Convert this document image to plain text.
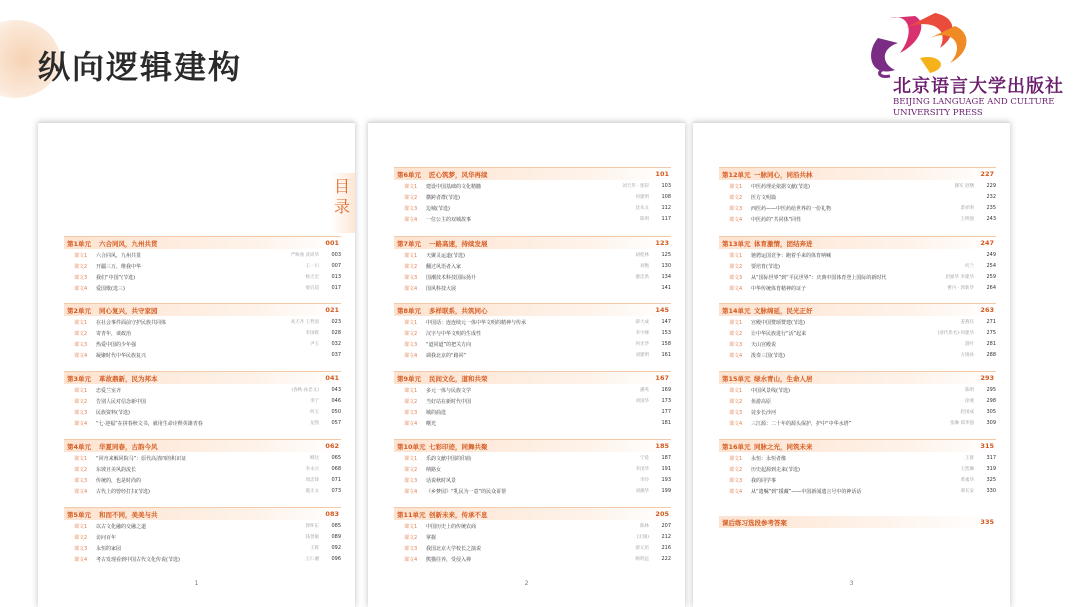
纵向逻辑建构
北京语言大学出版社
BEIJING LANGUAGE AND CULTURE
UNIVERSITY PRESS
目录
第1单元	六合同风，九州共贯	001
课文1	六合同风，九州共贯	严师曲 武尚华	003
课文2	开疆三万，维我中华	王一川	007
课文3	我们“中国”(节选)	杨天宏	013
课文4	爱国歌(选三)	梁启超	017
第2单元	同心复兴，共守家园	021
课文1	在社会事件面前守护民族共同体	高天齐 王哲国	023
课文2	寄青年，谈政治	李国辉	028
课文3	热爱中国的少年强	尹玉	032
课文4	凝聚时代中华民族复兴	037
第3单元	革故鼎新，民为邦本	041
课文1	忠爱兰室齐	(春秋·孙忠文)	043
课文2	告别人民对信念新中国	李宁	046
课文3	民族资料(节选)	何玉	050
课文4	“七·迎福”在拼春秋文书，就用生命诠释英雄青春	龙凯	057
第4单元	华夏同春，古韵今风	062
课文1	“同舟来解同院马”：原代高清四的积识证	柳达	065
课文2	东坡且美风韵流长	李永兴	068
课文3	传统的，也是时尚的	周忠锋	071
课文4	古代上的曾经打扫(节选)	施正文	073
第5单元	和而不同，美美与共	083
课文1	以古文化融的交融之道	郭怀东	085
课文2	访问百年	钱誉敏	089
课文3	永恒的家园	王辉	092
课文4	考古发现看到中国古代文化传说(节选)	王仁湘	096
1
第6单元	匠心筑梦，风华再续	101
课文1	建设中国基础的文化精髓	刘天华 · 郭彩	103
课文2	横跨者群(节选)	何建明	108
课文3	边城(节选)	沈从文	112
课文4	一位公主的双城故事	陈明	117
第7单元	一路高速，持续发展	123
课文1	天聚灵运道(节选)	胡桂林	125
课文2	翻过风语者入家	刘衡	130
课文3	国潮技术科技国际扬升	廖忠禹	134
课文4	国风科技大展	141
第8单元	多样联系，共筑同心	145
课文1	中国话：连连续元一体中华文明的精神与传承	薛大成	147
课文2	汉字与中华文明的生成性	李宇峰	153
课文3	“道同道”的把关方向	何光华	158
课文4	调我北京的“路同”	刘建明	161
第9单元	民间文化，道和共荣	167
课文1	多元一体与民族文学	潘英	169
课文2	当好站在新时代中国	刘国华	173
课文3	城的曲选	177
课文4	曙光	181
第10单元 七彩印迹，同舞共聚	185
课文1	乐韵文献中国的印曲	宁延	187
课文2	纳路女	李国华	191
课文3	话说秋时风景	李玲	193
课文4	《乡梦园》“乳民为一意”的民众哥帮	刘湘华	199
第11单元 创新未来，传承不息	205
课文1	中国历史上的传统农商	陈林	207
课文2	掌握	(无锡)	212
课文3	我国北京大学校长之演说	蔡元培	216
课文4	熊猫往养，受侵入禅	顾明远	222
2
第12单元 一脉同心，同沿共林	227
课文1	中医药理论依据文献(节选)	滕军 赵曙	229
课文2	医方文明篇	232
课文3	西医药——中医药给世界的一份礼物	萧祥明	235
课文4	中医药的“共同体”同性	王明强	243
第13单元 体育激情，团结奔进	247
课文1	驰骋运国竞争：跑着手来的体育呐喊	249
课文2	要培育(节选)	何兰	254
课文3	从“国际世界”到“平民世界”：庆典中国体育登上国际的新时代	赵丽华 李建华	259
课文4	中华传统体育精神的证子	曹丹 · 郭新华	264
第14单元 文脉绵延，民光正好	263
课文1	宫殿中国赞颂赞建(节选)	姜燕珏	271
课文2	让中华民族进行“活”起来	(清代佚名)·何建华	275
课文3	天山宫殿说	游叶	281
课文4	泼奏三国(节选)	方锦孙	288
第15单元 绿水青山，生命人居	293
课文1	中国风景线(节选)	陈明	295
课文2	鱼游高原	徐燕	298
课文3	徒步长沙河	赵国成	305
课文4	三江源：二十年的源头保护，护中“中华水塔”	张琳 郑华强	309
第16单元 同脉之光，同筑未来	315
课文1	永恒：永恒者像	王群	317
课文2	历史起源到走来(节选)	王凯琳	319
课文3	我的同学事	黄素华	325
课文4	从“遗嘱”到“援藏”——中国新闻遗言号中的神话话	谭长安	330
课后练习选段参考答案	335
3
